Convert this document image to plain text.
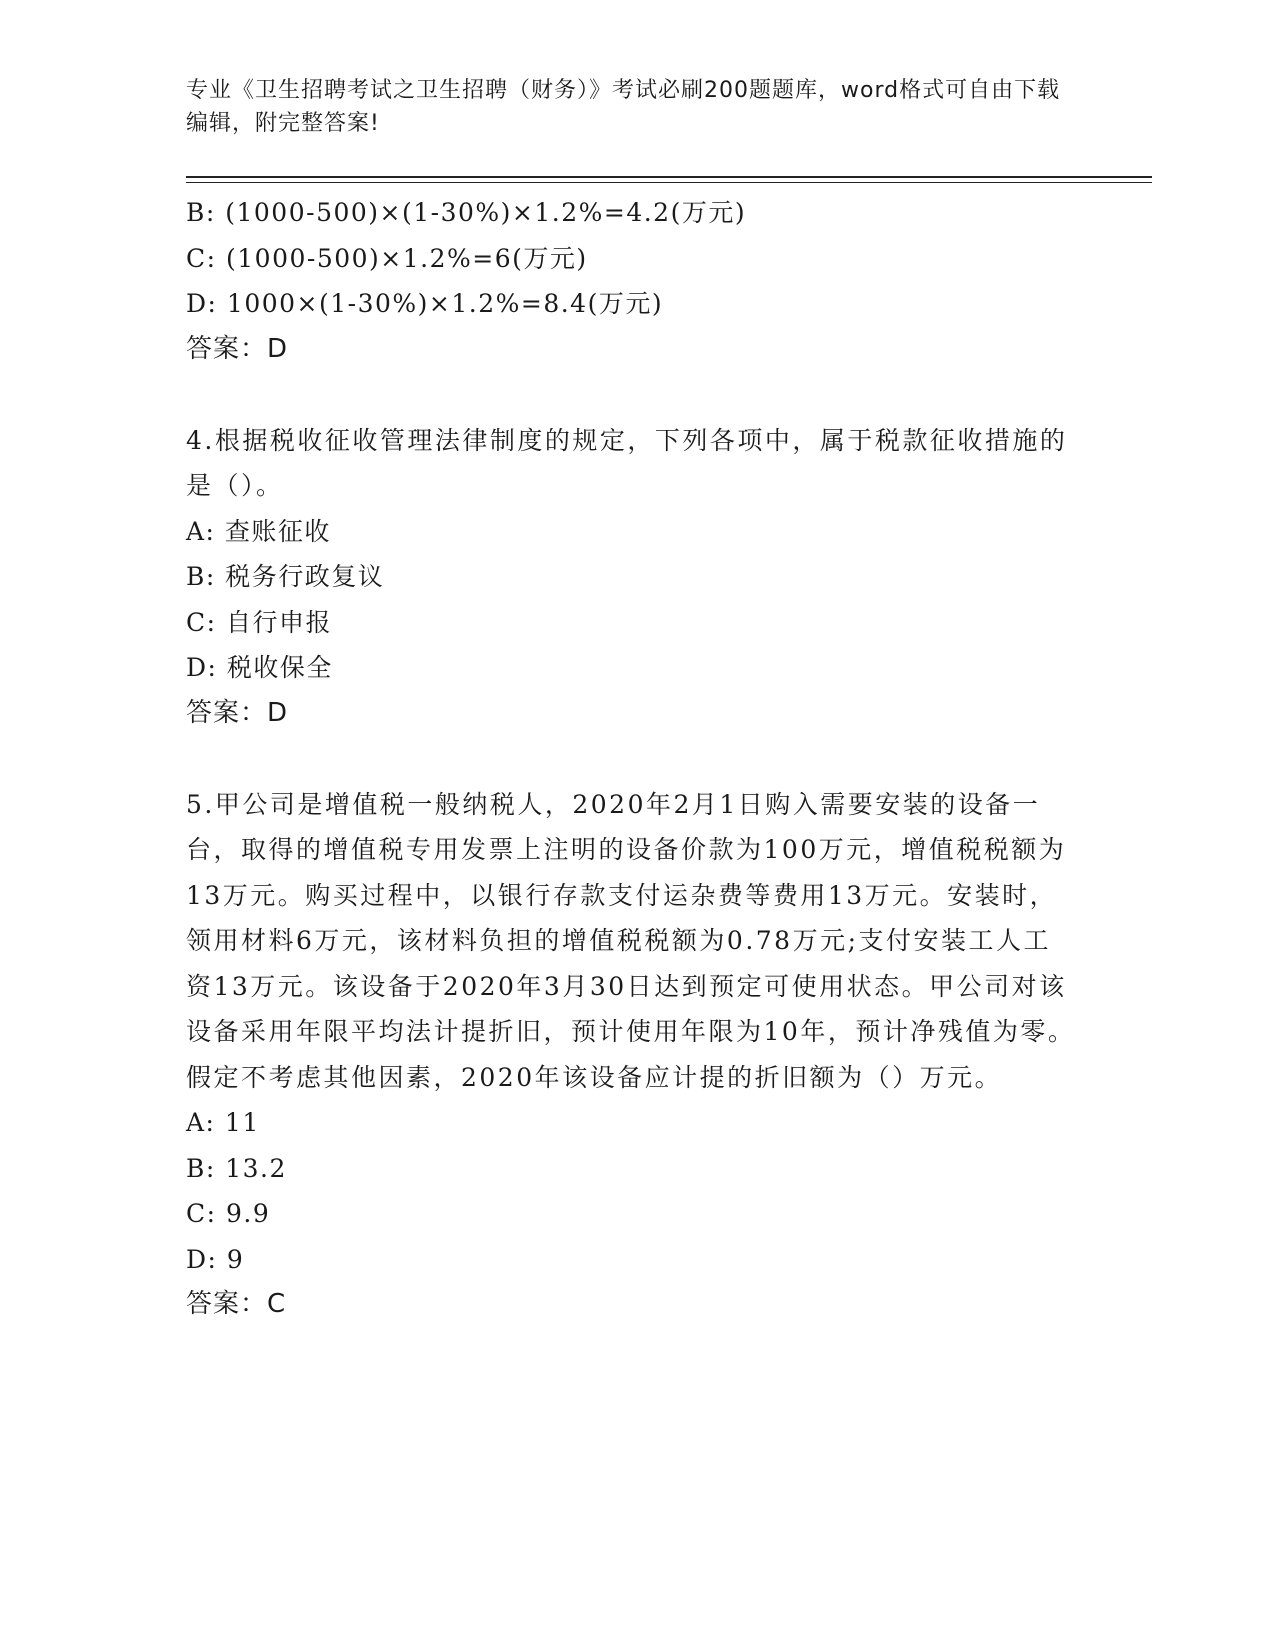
专业《卫生招聘考试之卫生招聘（财务）》考试必刷200题题库，word格式可自由下载编辑，附完整答案!
B: (1000-500)×(1-30%)×1.2%=4.2(万元)
C: (1000-500)×1.2%=6(万元)
D: 1000×(1-30%)×1.2%=8.4(万元)
答案：D
4.根据税收征收管理法律制度的规定，下列各项中，属于税款征收措施的是（）。
A: 查账征收
B: 税务行政复议
C: 自行申报
D: 税收保全
答案：D
5.甲公司是增值税一般纳税人，2020年2月1日购入需要安装的设备一台，取得的增值税专用发票上注明的设备价款为100万元，增值税税额为13万元。购买过程中，以银行存款支付运杂费等费用13万元。安装时，领用材料6万元，该材料负担的增值税税额为0.78万元;支付安装工人工资13万元。该设备于2020年3月30日达到预定可使用状态。甲公司对该设备采用年限平均法计提折旧，预计使用年限为10年，预计净残值为零。假定不考虑其他因素，2020年该设备应计提的折旧额为（）万元。
A: 11
B: 13.2
C: 9.9
D: 9
答案：C
